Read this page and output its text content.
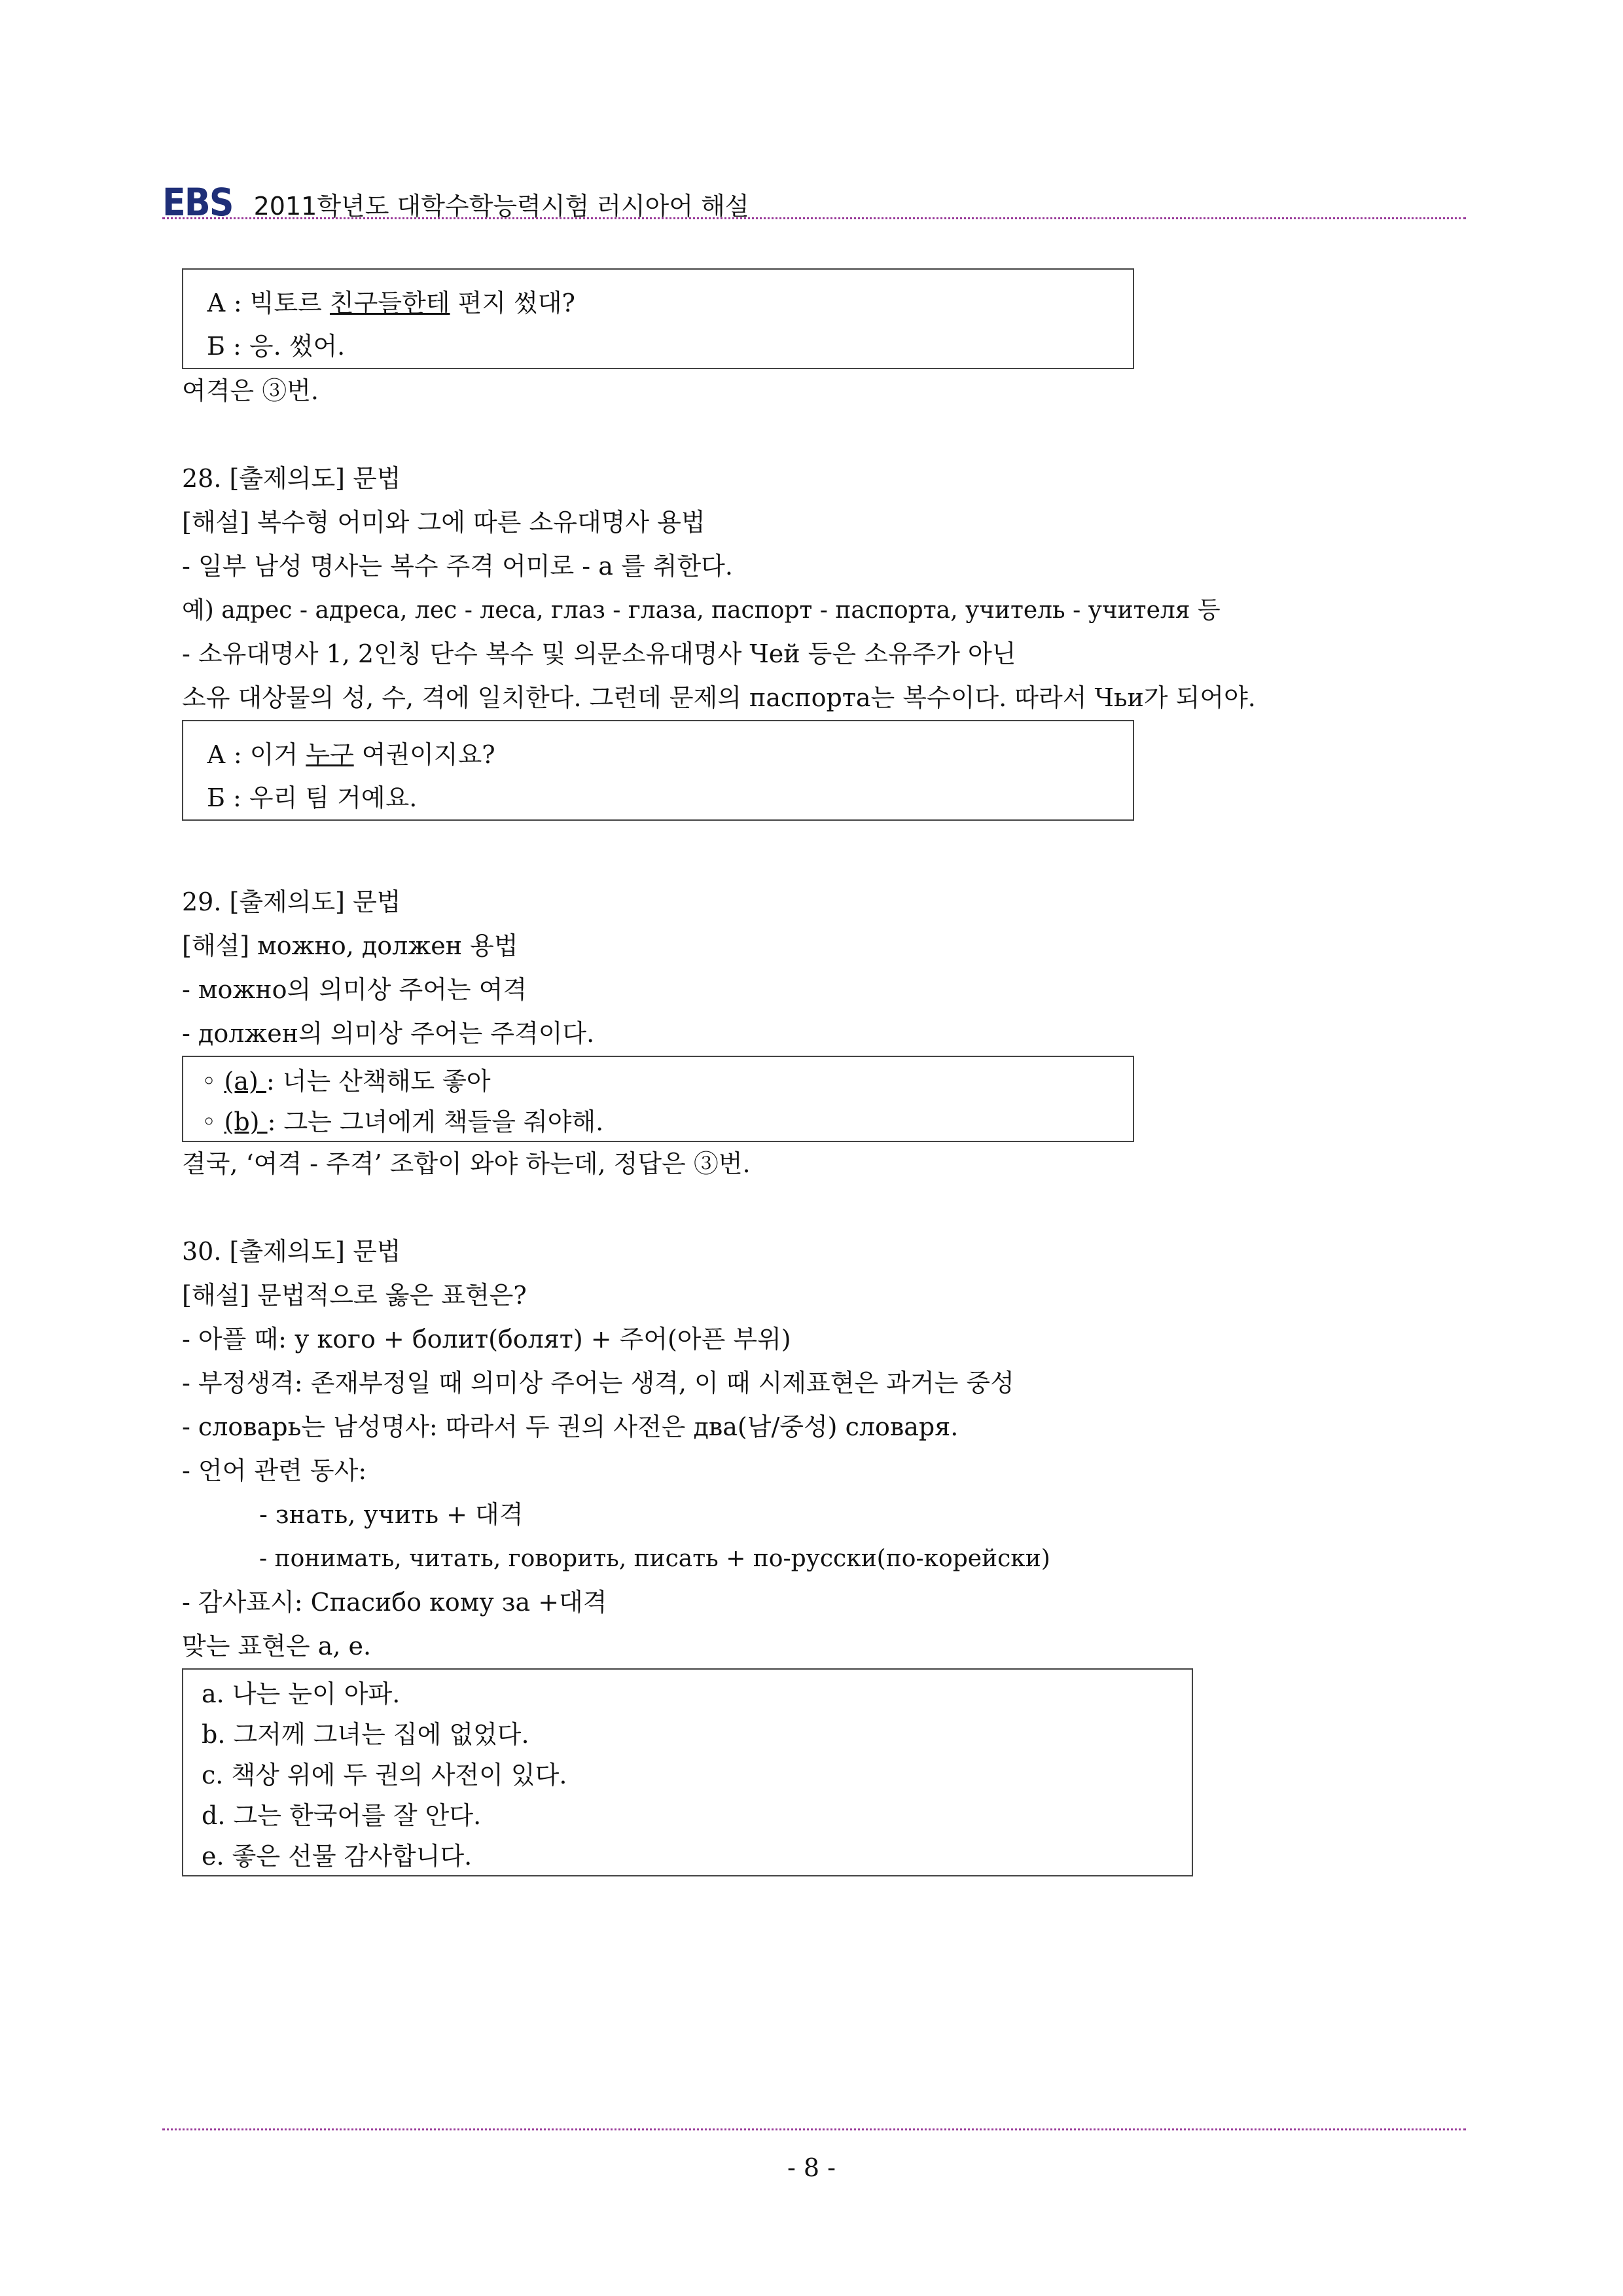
EBS 2011학년도 대학수학능력시험 러시아어 해설
А : 빅토르 친구들한테 편지 썼대?
Б : 응. 썼어.
여격은 ③번.
28. [출제의도] 문법
[해설] 복수형 어미와 그에 따른 소유대명사 용법
- 일부 남성 명사는 복수 주격 어미로 - а 를 취한다.
예) адрес - адреса, лес - леса, глаз - глаза, паспорт - паспорта, учитель - учителя 등
- 소유대명사 1, 2인칭 단수 복수 및 의문소유대명사 Чей 등은 소유주가 아닌
소유 대상물의 성, 수, 격에 일치한다. 그런데 문제의 паспорта는 복수이다. 따라서 Чьи가 되어야.
А : 이거 누구 여권이지요?
Б : 우리 팀 거예요.
29. [출제의도] 문법
[해설] можно, должен 용법
- можно의 의미상 주어는 여격
- должен의 의미상 주어는 주격이다.
◦ (a) : 너는 산책해도 좋아
◦ (b) : 그는 그녀에게 책들을 줘야해.
결국, ‘여격 - 주격’ 조합이 와야 하는데, 정답은 ③번.
30. [출제의도] 문법
[해설] 문법적으로 옳은 표현은?
- 아플 때: у кого + болит(болят) + 주어(아픈 부위)
- 부정생격: 존재부정일 때 의미상 주어는 생격, 이 때 시제표현은 과거는 중성
- словарь는 남성명사: 따라서 두 권의 사전은 два(남/중성) словаря.
- 언어 관련 동사:
- знать, учить + 대격
- понимать, читать, говорить, писать + по-русски(по-корейски)
- 감사표시: Спасибо кому за +대격
맞는 표현은 a, e.
a. 나는 눈이 아파.
b. 그저께 그녀는 집에 없었다.
c. 책상 위에 두 권의 사전이 있다.
d. 그는 한국어를 잘 안다.
e. 좋은 선물 감사합니다.
- 8 -
